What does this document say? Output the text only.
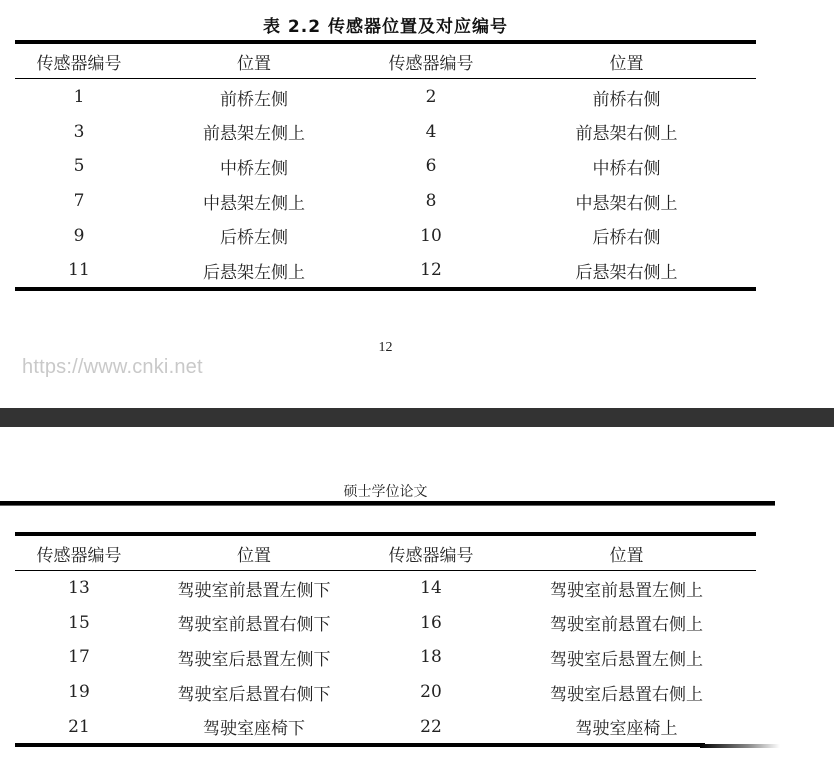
表 2.2 传感器位置及对应编号
传感器编号	位置	传感器编号	位置
1	前桥左侧	2	前桥右侧
3	前悬架左侧上	4	前悬架右侧上
5	中桥左侧	6	中桥右侧
7	中悬架左侧上	8	中悬架右侧上
9	后桥左侧	10	后桥右侧
11	后悬架左侧上	12	后悬架右侧上
12
https://www.cnki.net
硕士学位论文
传感器编号	位置	传感器编号	位置
13	驾驶室前悬置左侧下	14	驾驶室前悬置左侧上
15	驾驶室前悬置右侧下	16	驾驶室前悬置右侧上
17	驾驶室后悬置左侧下	18	驾驶室后悬置左侧上
19	驾驶室后悬置右侧下	20	驾驶室后悬置右侧上
21	驾驶室座椅下	22	驾驶室座椅上
